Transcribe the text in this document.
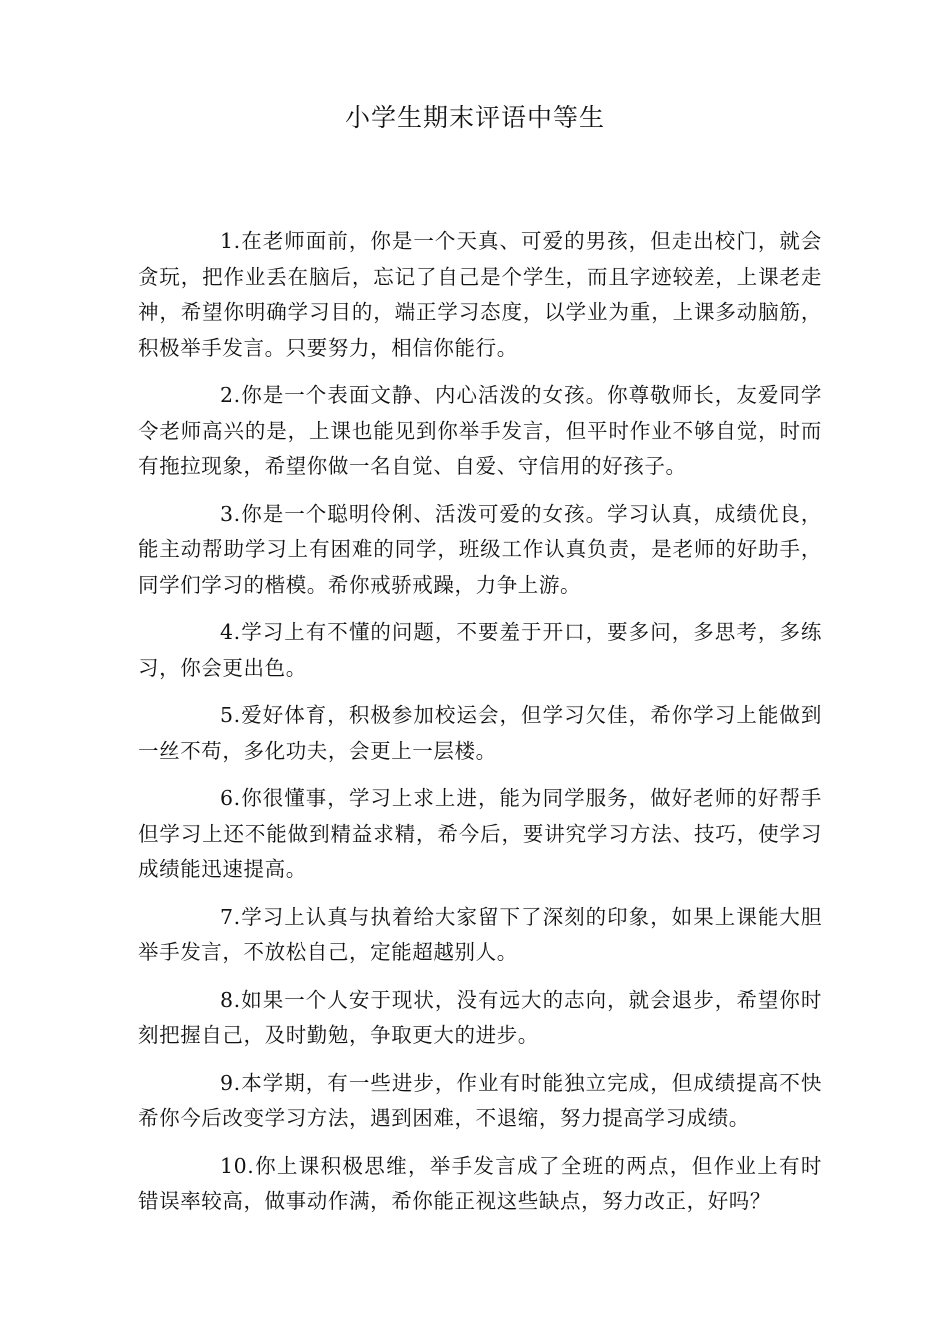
小学生期末评语中等生
1.在老师面前，你是一个天真、可爱的男孩，但走出校门，就会贪玩，把作业丢在脑后，忘记了自己是个学生，而且字迹较差，上课老走神，希望你明确学习目的，端正学习态度，以学业为重，上课多动脑筋，积极举手发言。只要努力，相信你能行。
2.你是一个表面文静、内心活泼的女孩。你尊敬师长，友爱同学令老师高兴的是，上课也能见到你举手发言，但平时作业不够自觉，时而有拖拉现象，希望你做一名自觉、自爱、守信用的好孩子。
3.你是一个聪明伶俐、活泼可爱的女孩。学习认真，成绩优良，能主动帮助学习上有困难的同学，班级工作认真负责，是老师的好助手，同学们学习的楷模。希你戒骄戒躁，力争上游。
4.学习上有不懂的问题，不要羞于开口，要多问，多思考，多练习，你会更出色。
5.爱好体育，积极参加校运会，但学习欠佳，希你学习上能做到一丝不苟，多化功夫，会更上一层楼。
6.你很懂事，学习上求上进，能为同学服务，做好老师的好帮手但学习上还不能做到精益求精，希今后，要讲究学习方法、技巧，使学习成绩能迅速提高。
7.学习上认真与执着给大家留下了深刻的印象，如果上课能大胆举手发言，不放松自己，定能超越别人。
8.如果一个人安于现状，没有远大的志向，就会退步，希望你时刻把握自己，及时勤勉，争取更大的进步。
9.本学期，有一些进步，作业有时能独立完成，但成绩提高不快希你今后改变学习方法，遇到困难，不退缩，努力提高学习成绩。
10.你上课积极思维，举手发言成了全班的两点，但作业上有时错误率较高，做事动作满，希你能正视这些缺点，努力改正，好吗？
